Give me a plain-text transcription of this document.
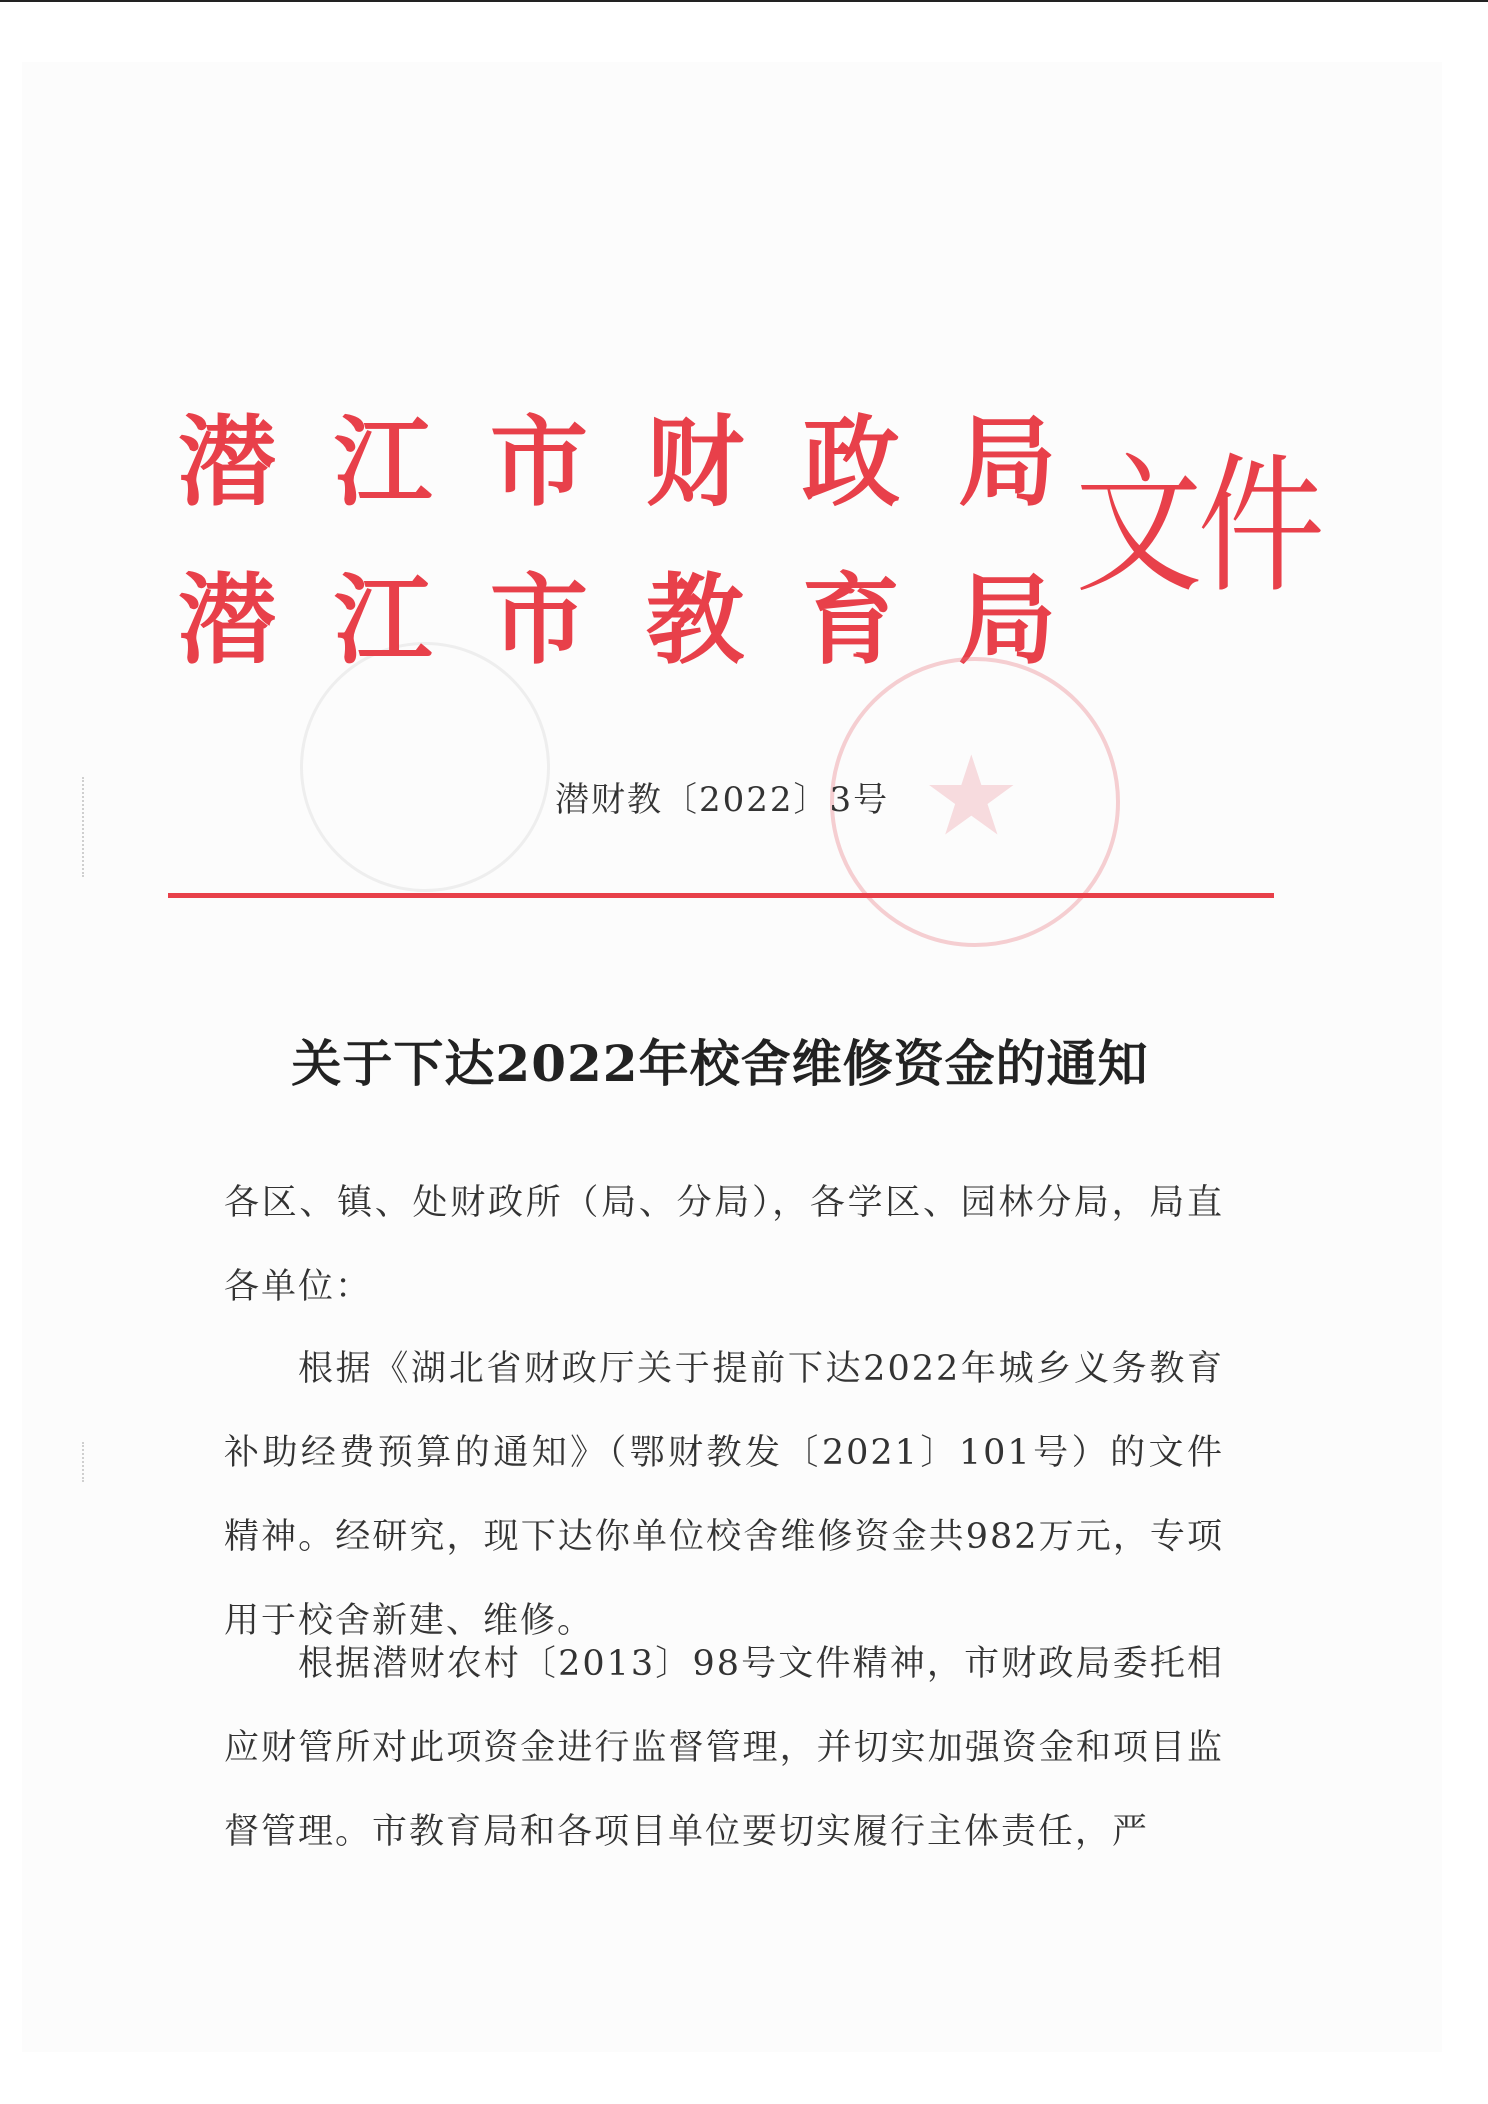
潜江市财政局
潜江市教育局
文件
★
潜财教〔2022〕3号
关于下达2022年校舍维修资金的通知

各区、镇、处财政所（局、分局），各学区、园林分局，局直各单位：

根据《湖北省财政厅关于提前下达2022年城乡义务教育补助经费预算的通知》（鄂财教发〔2021〕101号）的文件精神。经研究，现下达你单位校舍维修资金共982万元，专项用于校舍新建、维修。

根据潜财农村〔2013〕98号文件精神，市财政局委托相应财管所对此项资金进行监督管理，并切实加强资金和项目监督管理。市教育局和各项目单位要切实履行主体责任，严
